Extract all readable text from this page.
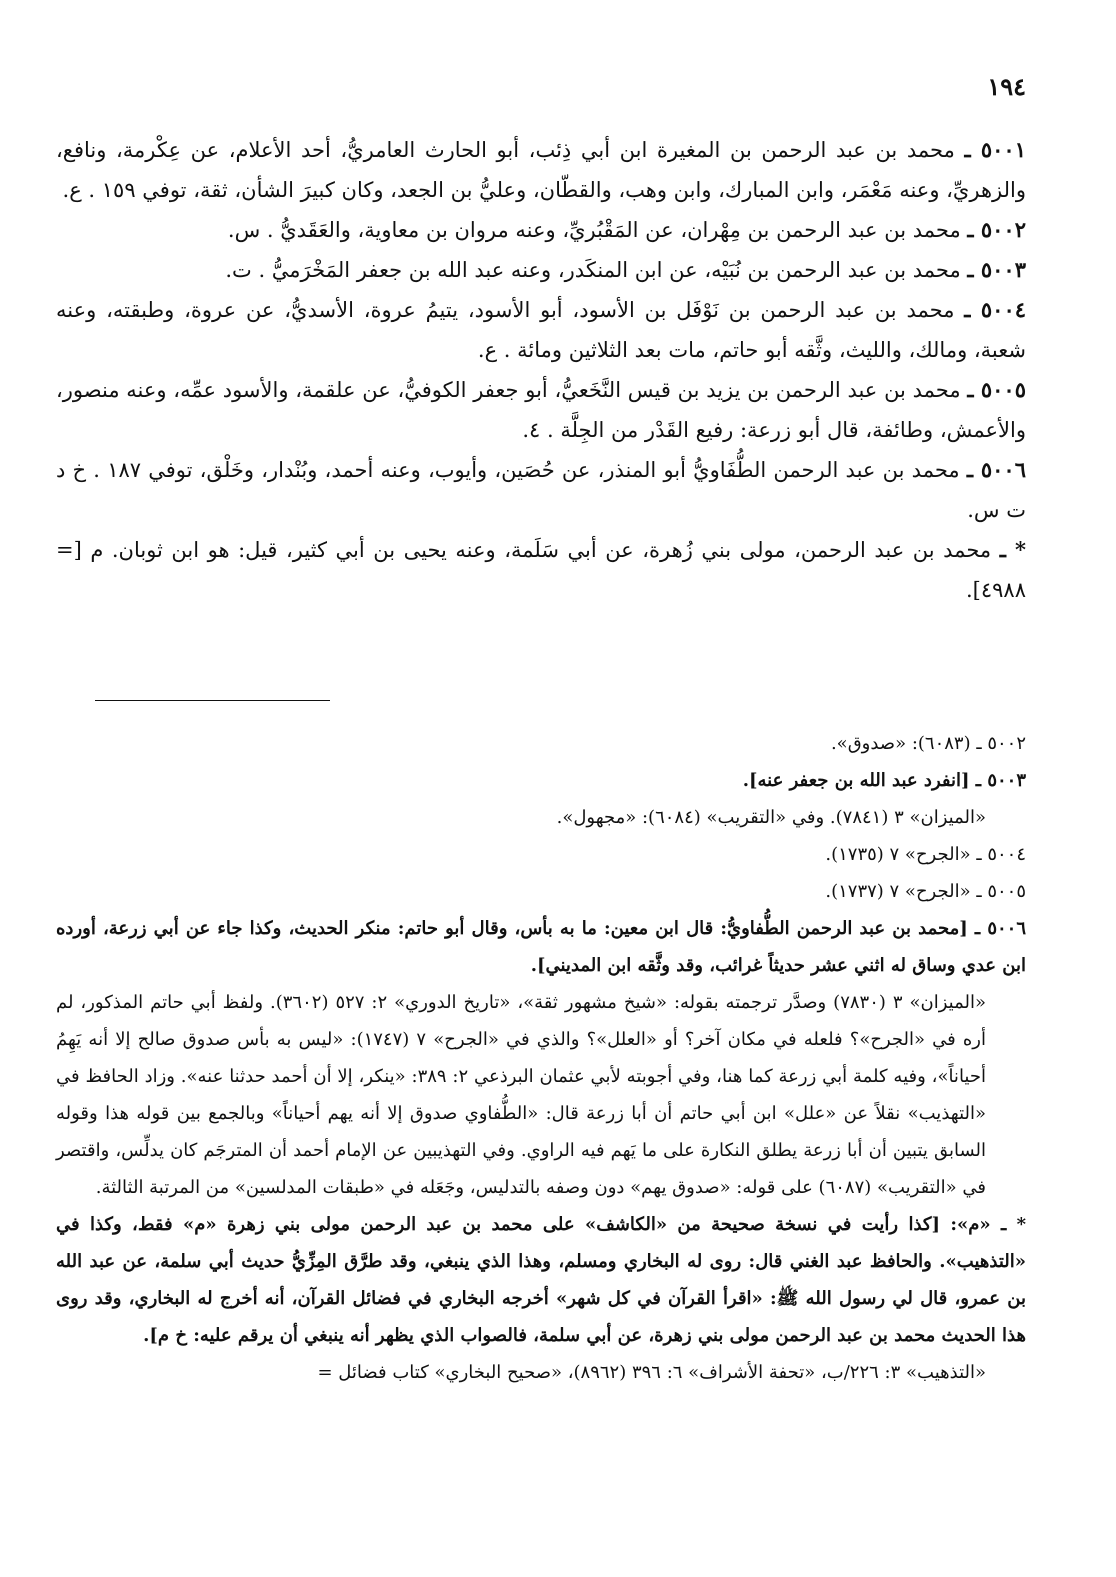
١٩٤

٥٠٠١ ـ محمد بن عبد الرحمن بن المغيرة ابن أبي ذِئب، أبو الحارث العامريُّ، أحد الأعلام، عن عِكْرمة، ونافع، والزهريِّ، وعنه مَعْمَر، وابن المبارك، وابن وهب، والقطّان، وعليُّ بن الجعد، وكان كبيرَ الشأن، ثقة، توفي ١٥٩ . ع.

٥٠٠٢ ـ محمد بن عبد الرحمن بن مِهْران، عن المَقْبُريِّ، وعنه مروان بن معاوية، والعَقَديُّ . س.

٥٠٠٣ ـ محمد بن عبد الرحمن بن نُبَيْه، عن ابن المنكَدر، وعنه عبد الله بن جعفر المَخْرَميُّ . ت.

٥٠٠٤ ـ محمد بن عبد الرحمن بن نَوْفَل بن الأسود، أبو الأسود، يتيمُ عروة، الأسديُّ، عن عروة، وطبقته، وعنه شعبة، ومالك، والليث، وثَّقه أبو حاتم، مات بعد الثلاثين ومائة . ع.

٥٠٠٥ ـ محمد بن عبد الرحمن بن يزيد بن قيس النَّخَعيُّ، أبو جعفر الكوفيُّ، عن علقمة، والأسود عمِّه، وعنه منصور، والأعمش، وطائفة، قال أبو زرعة: رفيع القَدْر من الجِلَّة . ٤.

٥٠٠٦ ـ محمد بن عبد الرحمن الطُّفَاويُّ أبو المنذر، عن حُصَين، وأيوب، وعنه أحمد، وبُنْدار، وخَلْق، توفي ١٨٧ . خ د ت س.

* ـ محمد بن عبد الرحمن، مولى بني زُهرة، عن أبي سَلَمة، وعنه يحيى بن أبي كثير، قيل: هو ابن ثوبان. م [= ٤٩٨٨].

٥٠٠٢ ـ (٦٠٨٣): «صدوق».

٥٠٠٣ ـ [انفرد عبد الله بن جعفر عنه].

«الميزان» ٣ (٧٨٤١). وفي «التقريب» (٦٠٨٤): «مجهول».

٥٠٠٤ ـ «الجرح» ٧ (١٧٣٥).

٥٠٠٥ ـ «الجرح» ٧ (١٧٣٧).

٥٠٠٦ ـ [محمد بن عبد الرحمن الطُّفاويُّ: قال ابن معين: ما به بأس، وقال أبو حاتم: منكر الحديث، وكذا جاء عن أبي زرعة، أورده ابن عدي وساق له اثني عشر حديثاً غرائب، وقد وثَّقه ابن المديني].

«الميزان» ٣ (٧٨٣٠) وصدَّر ترجمته بقوله: «شيخ مشهور ثقة»، «تاريخ الدوري» ٢: ٥٢٧ (٣٦٠٢). ولفظ أبي حاتم المذكور، لم أره في «الجرح»؟ فلعله في مكان آخر؟ أو «العلل»؟ والذي في «الجرح» ٧ (١٧٤٧): «ليس به بأس صدوق صالح إلا أنه يَهِمُ أحياناً»، وفيه كلمة أبي زرعة كما هنا، وفي أجوبته لأبي عثمان البرذعي ٢: ٣٨٩: «ينكر، إلا أن أحمد حدثنا عنه». وزاد الحافظ في «التهذيب» نقلاً عن «علل» ابن أبي حاتم أن أبا زرعة قال: «الطُّفاوي صدوق إلا أنه يهم أحياناً» وبالجمع بين قوله هذا وقوله السابق يتبين أن أبا زرعة يطلق النكارة على ما يَهم فيه الراوي. وفي التهذيبين عن الإمام أحمد أن المترجَم كان يدلِّس، واقتصر في «التقريب» (٦٠٨٧) على قوله: «صدوق يهم» دون وصفه بالتدليس، وجَعَله في «طبقات المدلسين» من المرتبة الثالثة.

* ـ «م»: [كذا رأيت في نسخة صحيحة من «الكاشف» على محمد بن عبد الرحمن مولى بني زهرة «م» فقط، وكذا في «التذهيب». والحافظ عبد الغني قال: روى له البخاري ومسلم، وهذا الذي ينبغي، وقد طرَّق المِزِّيُّ حديث أبي سلمة، عن عبد الله بن عمرو، قال لي رسول الله ﷺ: «اقرأ القرآن في كل شهر» أخرجه البخاري في فضائل القرآن، أنه أخرج له البخاري، وقد روى هذا الحديث محمد بن عبد الرحمن مولى بني زهرة، عن أبي سلمة، فالصواب الذي يظهر أنه ينبغي أن يرقم عليه: خ م].

«التذهيب» ٣: ٢٢٦/ب، «تحفة الأشراف» ٦: ٣٩٦ (٨٩٦٢)، «صحيح البخاري» كتاب فضائل =
